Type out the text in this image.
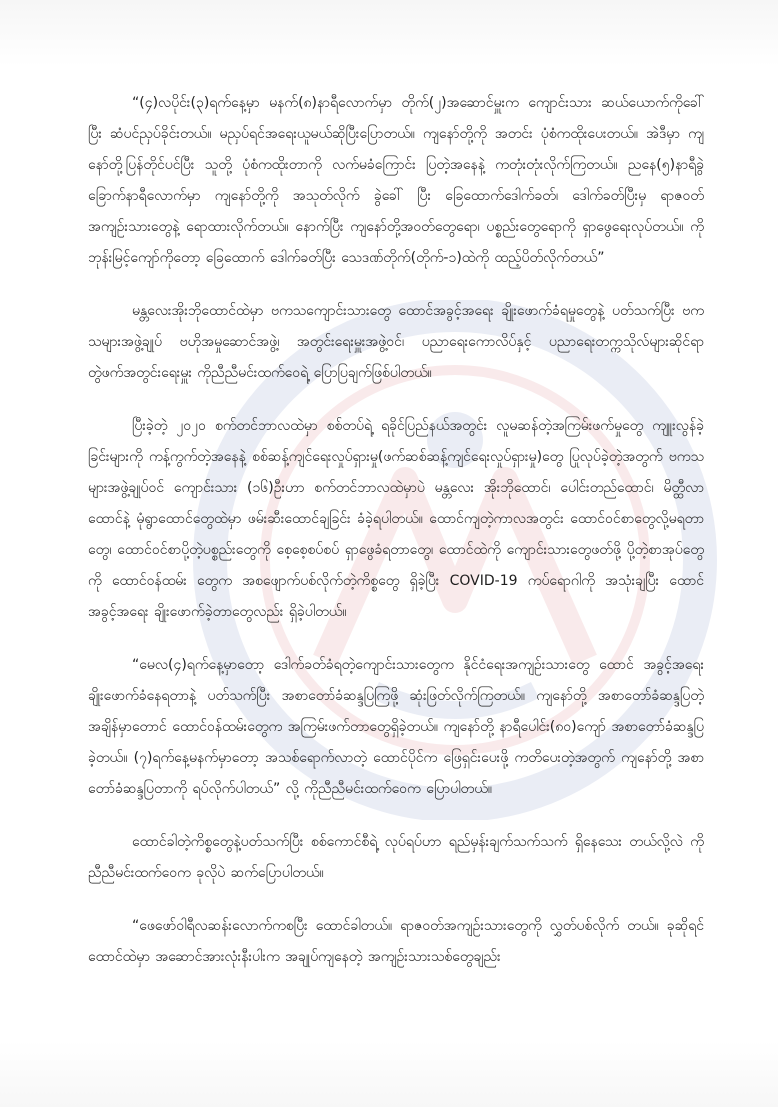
“(၄)လပိုင်း(၃)ရက်နေ့မှာ မနက်(၈)နာရီလောက်မှာ တိုက်(၂)အဆောင်မှူးက ကျောင်းသား ဆယ်ယောက်ကိုခေါ် ပြီး ဆံပင်ညှပ်ခိုင်းတယ်။ မညှပ်ရင်အရေးယူမယ်ဆိုပြီးပြောတယ်။ ကျနော်တို့ကို အတင်း ပုံစံကထိုးပေးတယ်။ အဲဒီမှာ ကျနော်တို့ပြန်တိုင်ပင်ပြီး သူတို့ ပုံစံကထိုးတာကို လက်မခံကြောင်း ပြတဲ့အနေနဲ့ ကတုံးတုံးလိုက်ကြတယ်။ ညနေ(၅)နာရီခွဲ ခြောက်နာရီလောက်မှာ ကျနော်တို့ကို အသုတ်လိုက် ခွဲခေါ် ပြီး ခြေထောက်ဒေါက်ခတ်၊ ဒေါက်ခတ်ပြီးမှ ရာဇဝတ်အကျဉ်းသားတွေနဲ့ ရောထားလိုက်တယ်။ နောက်ပြီး ကျနော်တို့အဝတ်တွေရော၊ ပစ္စည်းတွေရောကို ရှာဖွေရေးလုပ်တယ်။ ကိုဘုန်းမြင့်ကျော်ကိုတော့ ခြေထောက် ဒေါက်ခတ်ပြီး သေဒဏ်တိုက်(တိုက်-၁)ထဲကို ထည့်ပိတ်လိုက်တယ်”

မန္တလေးအိုးဘိုထောင်ထဲမှာ ဗကသကျောင်းသားတွေ ထောင်အခွင့်အရေး ချိုးဖောက်ခံရမှုတွေနဲ့ ပတ်သက်ပြီး ဗကသများအဖွဲ့ချုပ် ဗဟိုအမှုဆောင်အဖွဲ့၊ အတွင်းရေးမှူးအဖွဲ့ဝင်၊ ပညာရေးကောလိပ်နှင့် ပညာရေးတက္ကသိုလ်များဆိုင်ရာတွဲဖက်အတွင်းရေးမှူး ကိုညီညီမင်းထက်ဝေရဲ့ ပြောပြချက်ဖြစ်ပါတယ်။

ပြီးခဲ့တဲ့ ၂၀၂၀ စက်တင်ဘာလထဲမှာ စစ်တပ်ရဲ့ ရခိုင်ပြည်နယ်အတွင်း လူမဆန်တဲ့အကြမ်းဖက်မှုတွေ ကျူးလွန်ခဲ့ခြင်းများကို ကန့်ကွက်တဲ့အနေနဲ့ စစ်ဆန့်ကျင်ရေးလှုပ်ရှားမှု(ဖက်ဆစ်ဆန့်ကျင်ရေးလှုပ်ရှားမှု)တွေ ပြုလုပ်ခဲ့တဲ့အတွက် ဗကသများအဖွဲ့ချုပ်ဝင် ကျောင်းသား (၁၆)ဦးဟာ စက်တင်ဘာလထဲမှာပဲ မန္တလေး အိုးဘိုထောင်၊ ပေါင်းတည်ထောင်၊ မိတ္ထီလာထောင်နဲ့ မုံရွာထောင်တွေထဲမှာ ဖမ်းဆီးထောင်ချခြင်း ခံခဲ့ရပါတယ်။ ထောင်ကျတဲ့ကာလအတွင်း ထောင်ဝင်စာတွေလို့မရတာတွေ၊ ထောင်ဝင်စာပို့တဲ့ပစ္စည်းတွေကို စေ့စေ့စပ်စပ် ရှာဖွေခံရတာတွေ၊ ထောင်ထဲကို ကျောင်းသားတွေဖတ်ဖို့ ပို့တဲ့စာအုပ်တွေကို ထောင်ဝန်ထမ်း တွေက အစဖျောက်ပစ်လိုက်တဲ့ကိစ္စတွေ ရှိခဲ့ပြီး COVID-19 ကပ်ရောဂါကို အသုံးချပြီး ထောင်အခွင့်အရေး ချိုးဖောက်ခဲ့တာတွေလည်း ရှိခဲ့ပါတယ်။

“မေလ(၄)ရက်နေ့မှာတော့ ဒေါက်ခတ်ခံရတဲ့ကျောင်းသားတွေက နိုင်ငံရေးအကျဉ်းသားတွေ ထောင် အခွင့်အရေး ချိုးဖောက်ခံနေရတာနဲ့ ပတ်သက်ပြီး အစာတော်ခံဆန္ဒပြကြဖို့ ဆုံးဖြတ်လိုက်ကြတယ်။ ကျနော်တို့ အစာတော်ခံဆန္ဒပြတဲ့ အချိန်မှာတောင် ထောင်ဝန်ထမ်းတွေက အကြမ်းဖက်တာတွေရှိခဲ့တယ်။ ကျနော်တို့ နာရီပေါင်း(၈၀)ကျော် အစာတော်ခံဆန္ဒပြခဲ့တယ်။ (၇)ရက်နေ့မနက်မှာတော့ အသစ်ရောက်လာတဲ့ ထောင်ပိုင်က ဖြေရှင်းပေးဖို့ ကတိပေးတဲ့အတွက် ကျနော်တို့ အစာတော်ခံဆန္ဒပြတာကို ရပ်လိုက်ပါတယ်” လို့ ကိုညီညီမင်းထက်ဝေက ပြောပါတယ်။

ထောင်ခါတဲ့ကိစ္စတွေနဲ့ပတ်သက်ပြီး စစ်ကောင်စီရဲ့ လုပ်ရပ်ဟာ ရည်မှန်းချက်သက်သက် ရှိနေသေး တယ်လို့လဲ ကိုညီညီမင်းထက်ဝေက ခုလိုပဲ ဆက်ပြောပါတယ်။

“ဖေဖော်ဝါရီလဆန်းလောက်ကစပြီး ထောင်ခါတယ်။ ရာဇဝတ်အကျဉ်းသားတွေကို လွှတ်ပစ်လိုက် တယ်။ ခုဆိုရင် ထောင်ထဲမှာ အဆောင်အားလုံးနီးပါးက အချုပ်ကျနေတဲ့ အကျဉ်းသားသစ်တွေချည်း
